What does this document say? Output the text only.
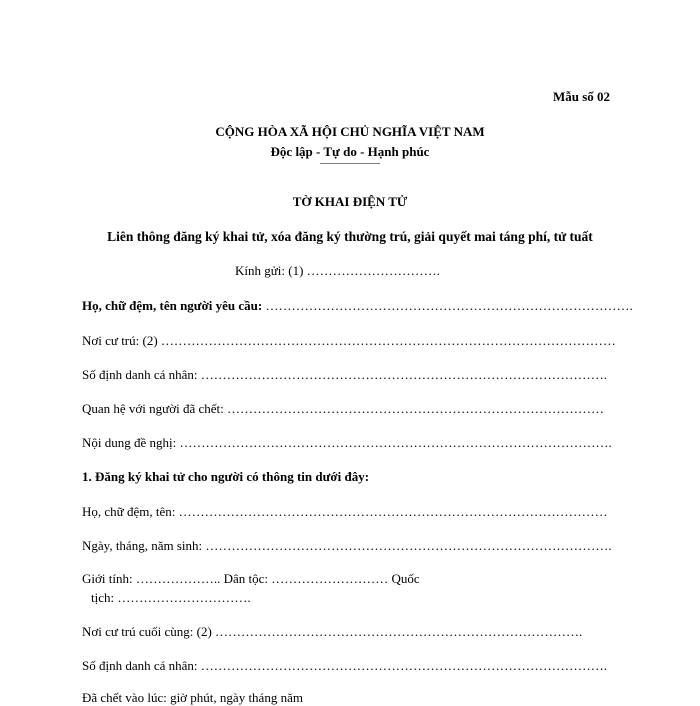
Mẫu số 02
CỘNG HÒA XÃ HỘI CHỦ NGHĨA VIỆT NAM
Độc lập - Tự do - Hạnh phúc
——————
TỜ KHAI ĐIỆN TỬ
Liên thông đăng ký khai tử, xóa đăng ký thường trú, giải quyết mai táng phí, tử tuất
Kính gửi: (1) ………………………….
Họ, chữ đệm, tên người yêu cầu: ………………………………………………………………………….
Nơi cư trú: (2) ……………………………………………………………………………………………
Số định danh cá nhân: ………………………………………………………………………………….
Quan hệ với người đã chết: ……………………………………………………………………………
Nội dung đề nghị: ……………………………………………………………………………………….
1. Đăng ký khai tử cho người có thông tin dưới đây:
Họ, chữ đệm, tên: ………………………………………………………………………………………
Ngày, tháng, năm sinh: ………………………………………………………………………………….
Giới tính: ……………….. Dân tộc: ……………………… Quốc
tịch: ………………………….
Nơi cư trú cuối cùng: (2) ………………………………………………………………………….
Số định danh cá nhân: ………………………………………………………………………………….
Đã chết vào lúc: giờ phút, ngày tháng năm
